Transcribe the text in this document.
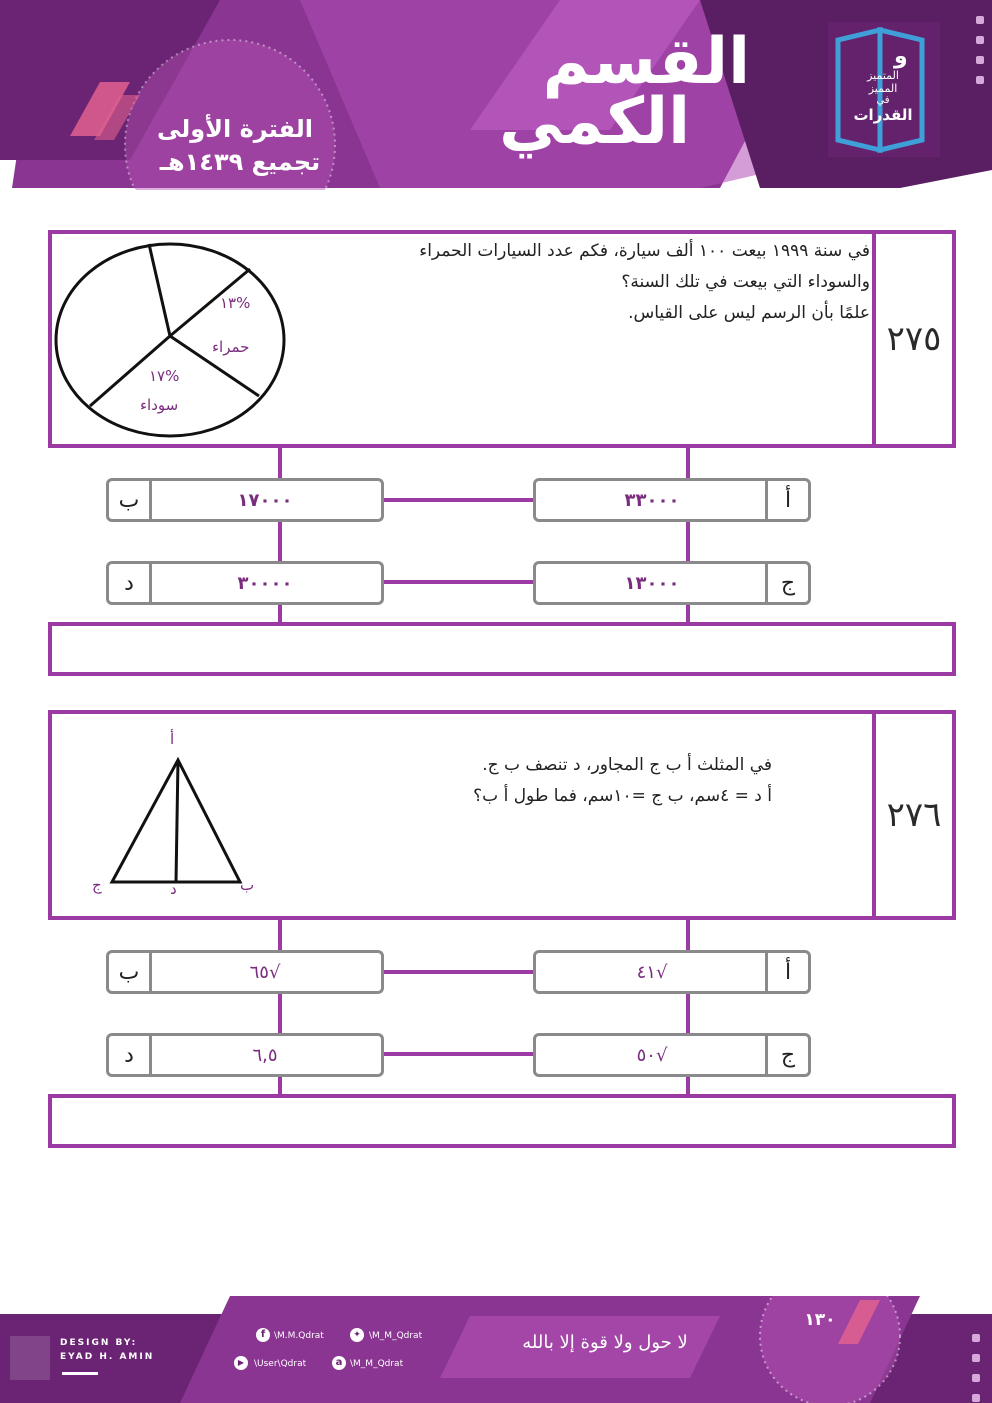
القسم
الكمي
الفترة الأولى
تجميع ١٤٣٩هـ
و
المتميز
المميز
في
القدرات
٢٧٥
في سنة ١٩٩٩ بيعت ١٠٠ ألف سيارة، فكم عدد السيارات الحمراء
والسوداء التي بيعت في تلك السنة؟
علمًا بأن الرسم ليس على القياس.
%١٣
حمراء
%١٧
سوداء
أ
٣٣٠٠٠
ب	١٧٠٠٠
ج
١٣٠٠٠
د	٣٠٠٠٠
٢٧٦
في المثلث أ ب ج المجاور، د تنصف ب ج.
أ د = ٤سم، ب ج =١٠سم، فما طول أ ب؟
أ
ب
ج	د
أ
√٤١
ب	√٦٥
ج
√٥٠
د	٦,٥
DESIGN BY:
EYAD H. AMIN
f \M.M.Qdrat	✦ \M_M_Qdrat
▶	\User\Qdrat	a \M_M_Qdrat
لا حول ولا قوة إلا بالله
١٣٠
